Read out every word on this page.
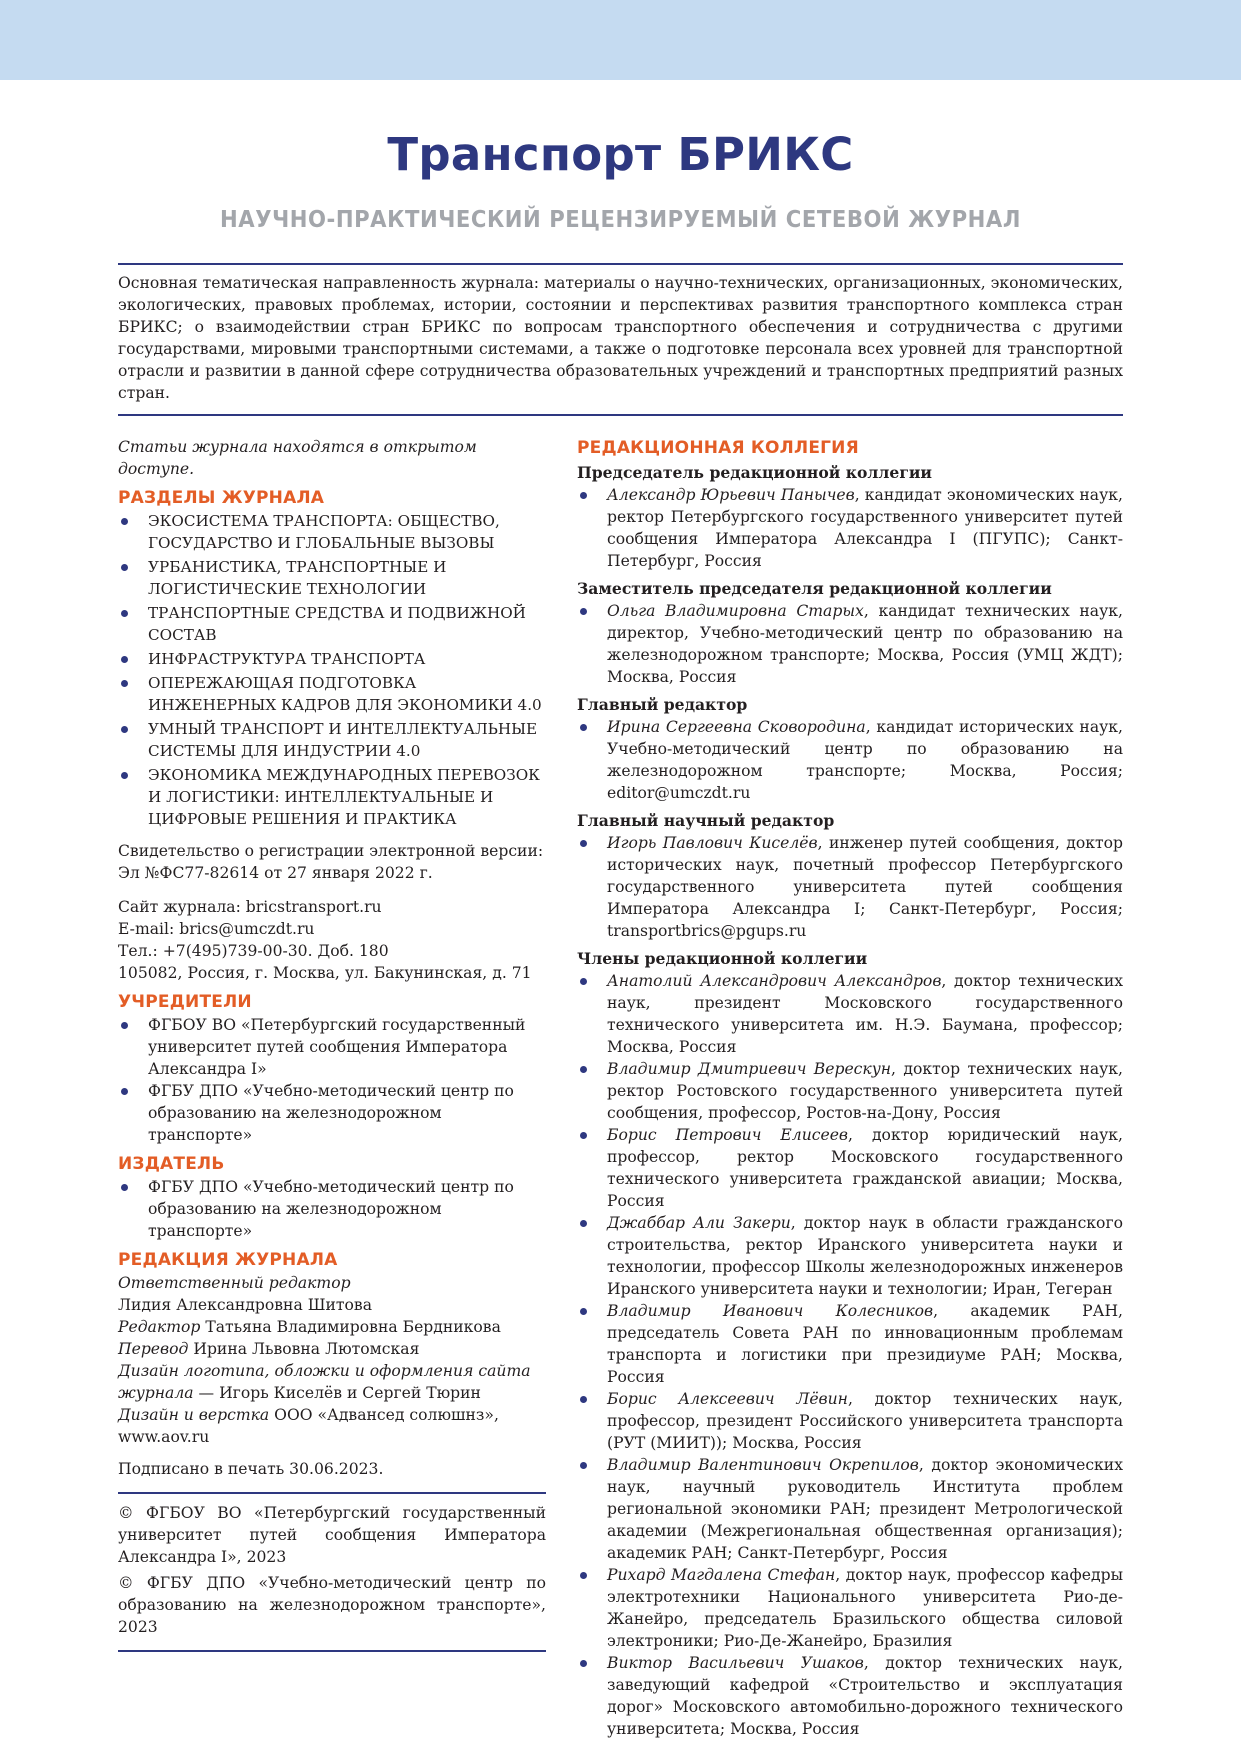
Транспорт БРИКС
НАУЧНО-ПРАКТИЧЕСКИЙ РЕЦЕНЗИРУЕМЫЙ СЕТЕВОЙ ЖУРНАЛ

Основная тематическая направленность журнала: материалы о научно-технических, организационных, экономических, экологических, правовых проблемах, истории, состоянии и перспективах развития транспортного комплекса стран БРИКС; о взаимодействии стран БРИКС по вопросам транспортного обеспечения и сотрудничества с другими государствами, мировыми транспортными системами, а также о подготовке персонала всех уровней для транспортной отрасли и развитии в данной сфере сотрудничества образовательных учреждений и транспортных предприятий разных стран.

Статьи журнала находятся в открытом доступе.

РАЗДЕЛЫ ЖУРНАЛА
ЭКОСИСТЕМА ТРАНСПОРТА: ОБЩЕСТВО, ГОСУДАРСТВО И ГЛОБАЛЬНЫЕ ВЫЗОВЫ
УРБАНИСТИКА, ТРАНСПОРТНЫЕ И ЛОГИСТИЧЕСКИЕ ТЕХНОЛОГИИ
ТРАНСПОРТНЫЕ СРЕДСТВА И ПОДВИЖНОЙ СОСТАВ
ИНФРАСТРУКТУРА ТРАНСПОРТА
ОПЕРЕЖАЮЩАЯ ПОДГОТОВКА ИНЖЕНЕРНЫХ КАДРОВ ДЛЯ ЭКОНОМИКИ 4.0
УМНЫЙ ТРАНСПОРТ И ИНТЕЛЛЕКТУАЛЬНЫЕ СИСТЕМЫ ДЛЯ ИНДУСТРИИ 4.0
ЭКОНОМИКА МЕЖДУНАРОДНЫХ ПЕРЕВОЗОК И ЛОГИСТИКИ: ИНТЕЛЛЕКТУАЛЬНЫЕ И ЦИФРОВЫЕ РЕШЕНИЯ И ПРАКТИКА

Свидетельство о регистрации электронной версии: Эл №ФС77-82614 от 27 января 2022 г.

Сайт журнала: bricstransport.ru

E-mail: brics@umczdt.ru

Тел.: +7(495)739-00-30. Доб. 180

105082, Россия, г. Москва, ул. Бакунинская, д. 71

УЧРЕДИТЕЛИ
ФГБОУ ВО «Петербургский государственный университет путей сообщения Императора Александра I»
ФГБУ ДПО «Учебно-методический центр по образованию на железнодорожном транспорте»
ИЗДАТЕЛЬ
ФГБУ ДПО «Учебно-методический центр по образованию на железнодорожном транспорте»
РЕДАКЦИЯ ЖУРНАЛА

Ответственный редактор

Лидия Александровна Шитова

Редактор Татьяна Владимировна Бердникова

Перевод Ирина Львовна Лютомская

Дизайн логотипа, обложки и оформления сайта журнала — Игорь Киселёв и Сергей Тюрин

Дизайн и верстка ООО «Адвансед солюшнз», www.aov.ru

Подписано в печать 30.06.2023.

© ФГБОУ ВО «Петербургский государственный университет путей сообщения Императора Александра I», 2023

© ФГБУ ДПО «Учебно-методический центр по образованию на железнодорожном транспорте», 2023

РЕДАКЦИОННАЯ КОЛЛЕГИЯ

Председатель редакционной коллегии

Александр Юрьевич Панычев, кандидат экономических наук, ректор Петербургского государственного университет путей сообщения Императора Александра I (ПГУПС); Санкт-Петербург, Россия

Заместитель председателя редакционной коллегии

Ольга Владимировна Старых, кандидат технических наук, директор, Учебно-методический центр по образованию на железнодорожном транспорте; Москва, Россия (УМЦ ЖДТ); Москва, Россия

Главный редактор

Ирина Сергеевна Сковородина, кандидат исторических наук, Учебно-методический центр по образованию на железнодорожном транспорте; Москва, Россия; editor@umczdt.ru

Главный научный редактор

Игорь Павлович Киселёв, инженер путей сообщения, доктор исторических наук, почетный профессор Петербургского государственного университета путей сообщения Императора Александра I; Санкт-Петербург, Россия; transportbrics@pgups.ru

Члены редакционной коллегии

Анатолий Александрович Александров, доктор технических наук, президент Московского государственного технического университета им. Н.Э. Баумана, профессор; Москва, Россия
Владимир Дмитриевич Верескун, доктор технических наук, ректор Ростовского государственного университета путей сообщения, профессор, Ростов-на-Дону, Россия
Борис Петрович Елисеев, доктор юридический наук, профессор, ректор Московского государственного технического университета гражданской авиации; Москва, Россия
Джаббар Али Закери, доктор наук в области гражданского строительства, ректор Иранского университета науки и технологии, профессор Школы железнодорожных инженеров Иранского университета науки и технологии; Иран, Тегеран
Владимир Иванович Колесников, академик РАН, председатель Совета РАН по инновационным проблемам транспорта и логистики при президиуме РАН; Москва, Россия
Борис Алексеевич Лёвин, доктор технических наук, профессор, президент Российского университета транспорта (РУТ (МИИТ)); Москва, Россия
Владимир Валентинович Окрепилов, доктор экономических наук, научный руководитель Института проблем региональной экономики РАН; президент Метрологической академии (Межрегиональная общественная организация); академик РАН; Санкт-Петербург, Россия
Рихард Магдалена Стефан, доктор наук, профессор кафедры электротехники Национального университета Рио-де-Жанейро, председатель Бразильского общества силовой электроники; Рио-Де-Жанейро, Бразилия
Виктор Васильевич Ушаков, доктор технических наук, заведующий кафедрой «Строительство и эксплуатация дорог» Московского автомобильно-дорожного технического университета; Москва, Россия
